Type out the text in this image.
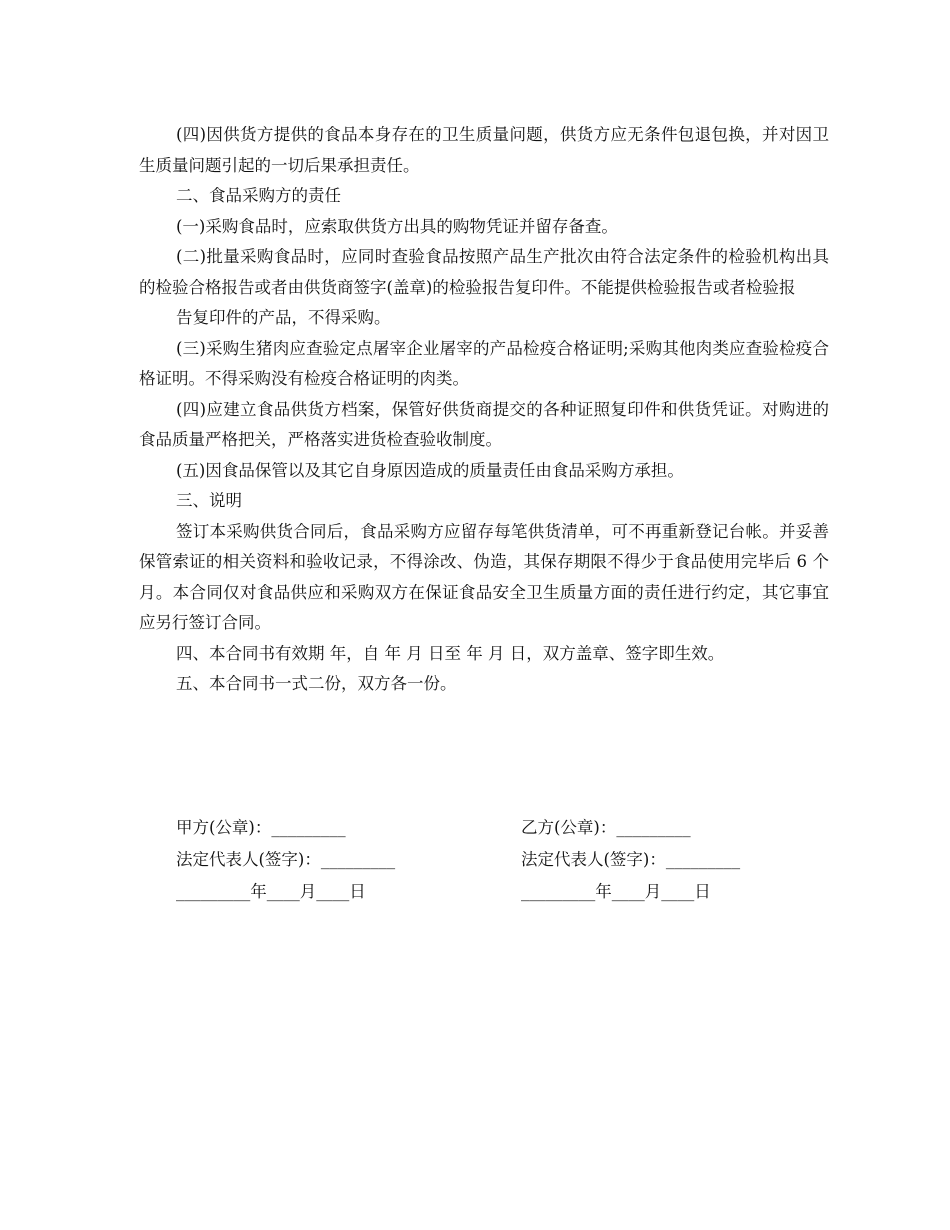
(四)因供货方提供的食品本身存在的卫生质量问题，供货方应无条件包退包换，并对因卫生质量问题引起的一切后果承担责任。

二、食品采购方的责任

(一)采购食品时，应索取供货方出具的购物凭证并留存备查。

(二)批量采购食品时，应同时查验食品按照产品生产批次由符合法定条件的检验机构出具的检验合格报告或者由供货商签字(盖章)的检验报告复印件。不能提供检验报告或者检验报

告复印件的产品，不得采购。

(三)采购生猪肉应查验定点屠宰企业屠宰的产品检疫合格证明;采购其他肉类应查验检疫合格证明。不得采购没有检疫合格证明的肉类。

(四)应建立食品供货方档案，保管好供货商提交的各种证照复印件和供货凭证。对购进的食品质量严格把关，严格落实进货检查验收制度。

(五)因食品保管以及其它自身原因造成的质量责任由食品采购方承担。

三、说明

签订本采购供货合同后，食品采购方应留存每笔供货清单，可不再重新登记台帐。并妥善保管索证的相关资料和验收记录，不得涂改、伪造，其保存期限不得少于食品使用完毕后 6 个月。本合同仅对食品供应和采购双方在保证食品安全卫生质量方面的责任进行约定，其它事宜应另行签订合同。

四、本合同书有效期 年，自 年 月 日至 年 月 日，双方盖章、签字即生效。

五、本合同书一式二份，双方各一份。

甲方(公章)：_________	乙方(公章)：_________
法定代表人(签字)：_________	法定代表人(签字)：_________
_________年____月____日	_________年____月____日
